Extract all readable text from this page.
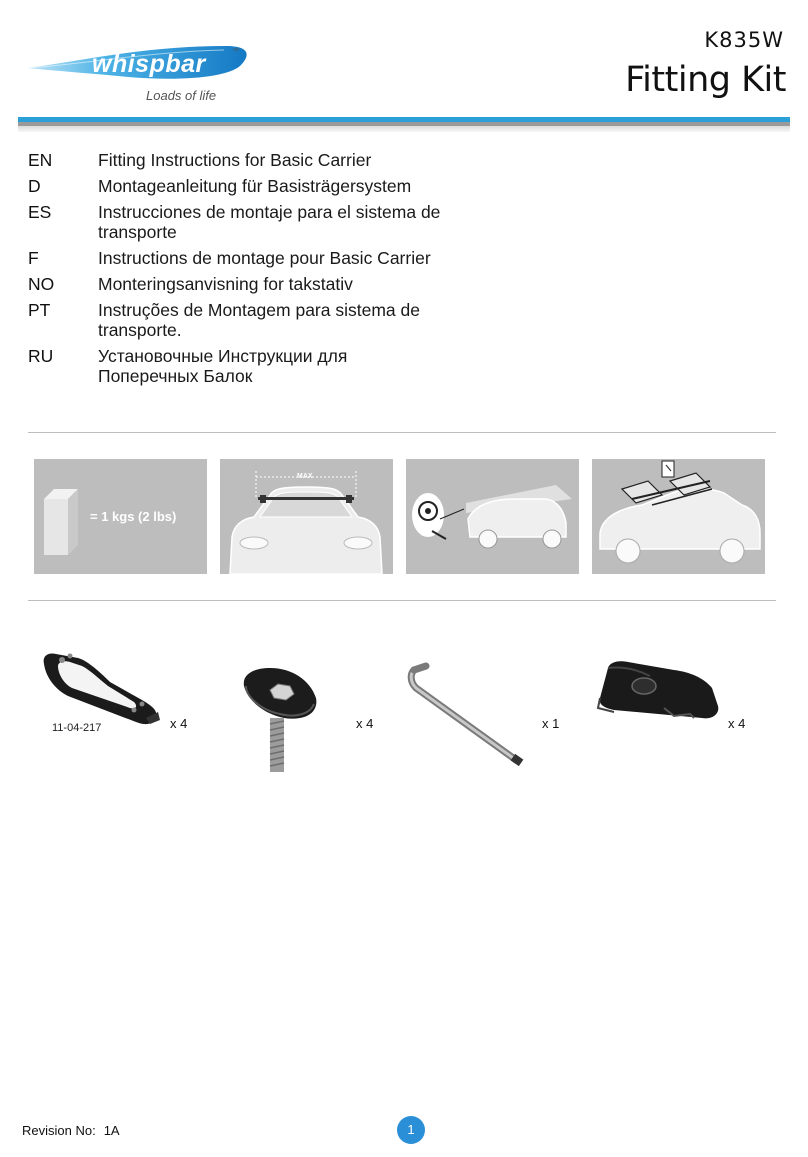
whispbar	™
Loads of life
K835W
Fitting Kit
EN	Fitting Instructions for Basic Carrier
D	Montageanleitung für Basisträgersystem
ES	Instrucciones de montaje para el sistema de transporte
F	Instructions de montage pour Basic Carrier
NO	Monteringsanvisning for takstativ
PT	Instruções de Montagem para sistema de transporte.
RU	Установочные Инструкции для Поперечных Балок
= 1 kgs (2 lbs)
MAX
11-04-217	x 4	x 4	x 1	x 4
Revision No: 1A	1
